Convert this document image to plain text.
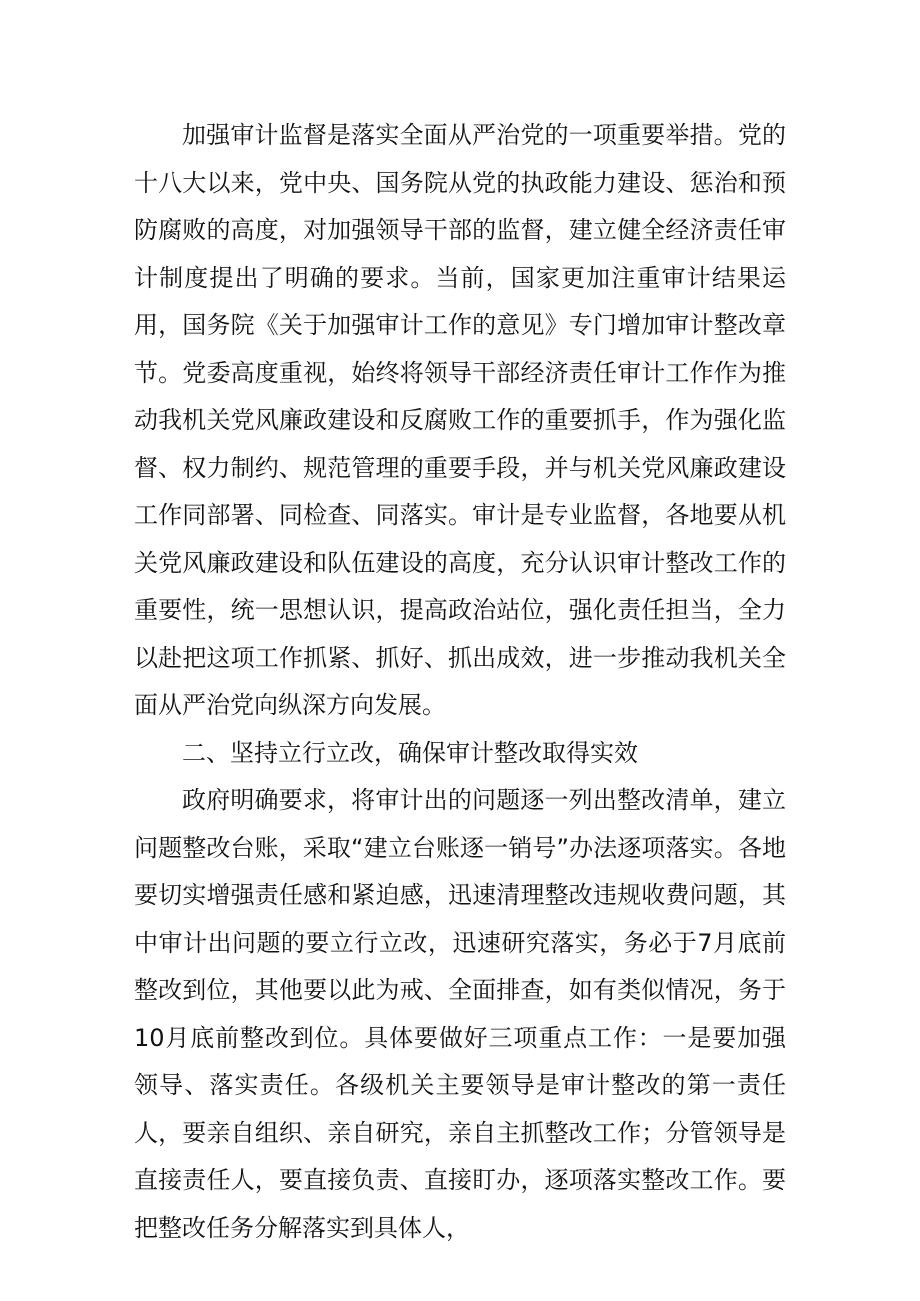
加强审计监督是落实全面从严治党的一项重要举措。党的十八大以来，党中央、国务院从党的执政能力建设、惩治和预防腐败的高度，对加强领导干部的监督，建立健全经济责任审计制度提出了明确的要求。当前，国家更加注重审计结果运用，国务院《关于加强审计工作的意见》专门增加审计整改章节。党委高度重视，始终将领导干部经济责任审计工作作为推动我机关党风廉政建设和反腐败工作的重要抓手，作为强化监督、权力制约、规范管理的重要手段，并与机关党风廉政建设工作同部署、同检查、同落实。审计是专业监督，各地要从机关党风廉政建设和队伍建设的高度，充分认识审计整改工作的重要性，统一思想认识，提高政治站位，强化责任担当，全力以赴把这项工作抓紧、抓好、抓出成效，进一步推动我机关全面从严治党向纵深方向发展。

二、坚持立行立改，确保审计整改取得实效

政府明确要求，将审计出的问题逐一列出整改清单，建立问题整改台账，采取“建立台账逐一销号”办法逐项落实。各地要切实增强责任感和紧迫感，迅速清理整改违规收费问题，其中审计出问题的要立行立改，迅速研究落实，务必于7月底前整改到位，其他要以此为戒、全面排查，如有类似情况，务于10月底前整改到位。具体要做好三项重点工作：一是要加强领导、落实责任。各级机关主要领导是审计整改的第一责任人，要亲自组织、亲自研究，亲自主抓整改工作；分管领导是直接责任人，要直接负责、直接盯办，逐项落实整改工作。要把整改任务分解落实到具体人，
